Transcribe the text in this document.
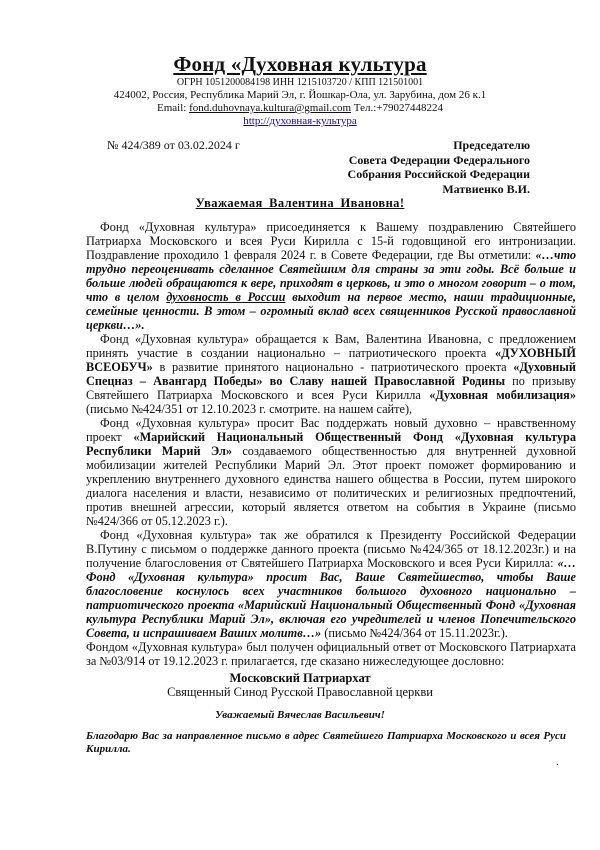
Фонд «Духовная культура
ОГРН 1051200084198 ИНН 1215103720 / КПП 121501001
424002, Россия, Республика Марий Эл, г. Йошкар-Ола, ул. Зарубина, дом 26 к.1
Email: fond.duhovnaya.kultura@gmail.com Тел.:+79027448224
http://духовная-культура
№ 424/389 от 03.02.2024 г	Председателю
Совета Федерации Федерального
Собрания Российской Федерации
Матвиенко В.И.
Уважаемая Валентина Ивановна!

Фонд «Духовная культура» присоединяется к Вашему поздравлению Святейшего Патриарха Московского и всея Руси Кирилла с 15-й годовщиной его интронизации. Поздравление проходило 1 февраля 2024 г. в Совете Федерации, где Вы отметили: «…что трудно переоценивать сделанное Святейшим для страны за эти годы. Всё больше и больше людей обращаются к вере, приходят в церковь, и это о многом говорит – о том, что в целом духовность в России выходит на первое место, наши традиционные, семейные ценности. В этом – огромный вклад всех священников Русской православной церкви…».

Фонд «Духовная культура» обращается к Вам, Валентина Ивановна, с предложением принять участие в создании национально – патриотического проекта «ДУХОВНЫЙ ВСЕОБУЧ» в развитие принятого национально - патриотического проекта «Духовный Спецназ – Авангард Победы» во Славу нашей Православной Родины по призыву Святейшего Патриарха Московского и всея Руси Кирилла «Духовная мобилизация» (письмо №424/351 от 12.10.2023 г. смотрите. на нашем сайте),

Фонд «Духовная культура» просит Вас поддержать новый духовно – нравственному проект «Марийский Национальный Общественный Фонд «Духовная культура Республики Марий Эл» создаваемого общественностью для внутренней духовной мобилизации жителей Республики Марий Эл. Этот проект поможет формированию и укреплению внутреннего духовного единства нашего общества в России, путем широкого диалога населения и власти, независимо от политических и религиозных предпочтений, против внешней агрессии, который является ответом на события в Украине (письмо №424/366 от 05.12.2023 г.).

Фонд «Духовная культура» так же обратился к Президенту Российской Федерации В.Путину с письмом о поддержке данного проекта (письмо №424/365 от 18.12.2023г.) и на получение благословения от Святейшего Патриарха Московского и всея Руси Кирилла: «…Фонд «Духовная культура» просит Вас, Ваше Святейшество, чтобы Ваше благословение коснулось всех участников большого духовного национально – патриотического проекта «Марийский Национальный Общественный Фонд «Духовная культура Республики Марий Эл», включая его учредителей и членов Попечительского Совета, и испрашиваем Ваших молитв…» (письмо №424/364 от 15.11.2023г.).

Фондом «Духовная культура» был получен официальный ответ от Московского Патриархата за №03/914 от 19.12.2023 г. прилагается, где сказано нижеследующее дословно:

Московский Патриархат
Священный Синод Русской Православной церкви
Уважаемый Вячеслав Васильевич!
Благодарю Вас за направленное письмо в адрес Святейшего Патриарха Московского и всея Руси Кирилла.
.
